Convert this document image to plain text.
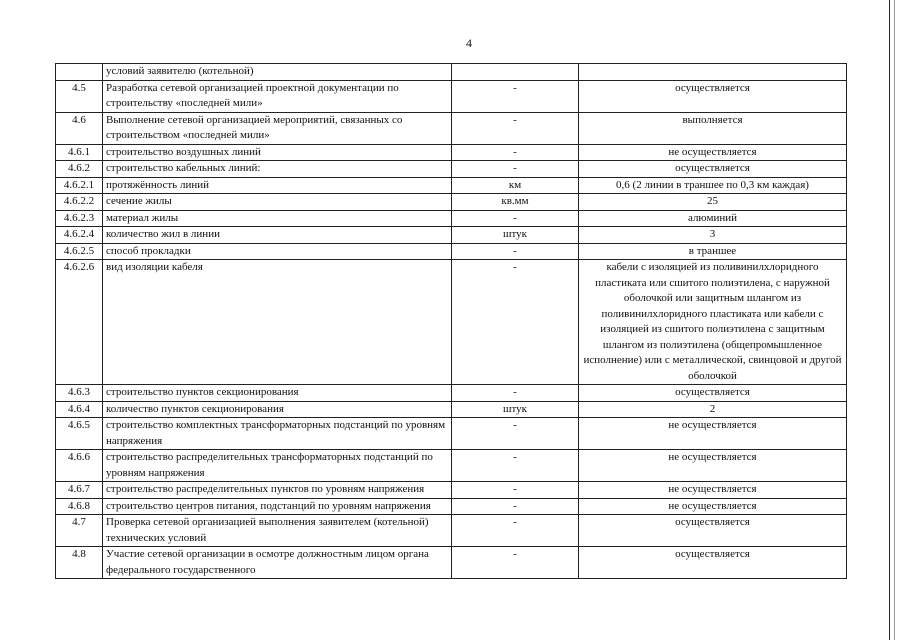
4
	условий заявителю (котельной)		
4.5	Разработка сетевой организацией проектной документации по строительству «последней мили»	-	осуществляется
4.6	Выполнение сетевой организацией мероприятий, связанных со строительством «последней мили»	-	выполняется
4.6.1	строительство воздушных линий	-	не осуществляется
4.6.2	строительство кабельных линий:	-	осуществляется
4.6.2.1	протяжённость линий	км	0,6 (2 линии в траншее по 0,3 км каждая)
4.6.2.2	сечение жилы	кв.мм	25
4.6.2.3	материал жилы	-	алюминий
4.6.2.4	количество жил в линии	штук	3
4.6.2.5	способ прокладки	-	в траншее
4.6.2.6	вид изоляции кабеля	-	кабели с изоляцией из поливинилхлоридного пластиката или сшитого полиэтилена, с наружной оболочкой или защитным шлангом из поливинилхлоридного пластиката или кабели с изоляцией из сшитого полиэтилена с защитным шлангом из полиэтилена (общепромышленное исполнение) или с металлической, свинцовой и другой оболочкой
4.6.3	строительство пунктов секционирования	-	осуществляется
4.6.4	количество пунктов секционирования	штук	2
4.6.5	строительство комплектных трансформаторных подстанций по уровням напряжения	-	не осуществляется
4.6.6	строительство распределительных трансформаторных подстанций по уровням напряжения	-	не осуществляется
4.6.7	строительство распределительных пунктов по уровням напряжения	-	не осуществляется
4.6.8	строительство центров питания, подстанций по уровням напряжения	-	не осуществляется
4.7	Проверка сетевой организацией выполнения заявителем (котельной) технических условий	-	осуществляется
4.8	Участие сетевой организации в осмотре должностным лицом органа федерального государственного	-	осуществляется
